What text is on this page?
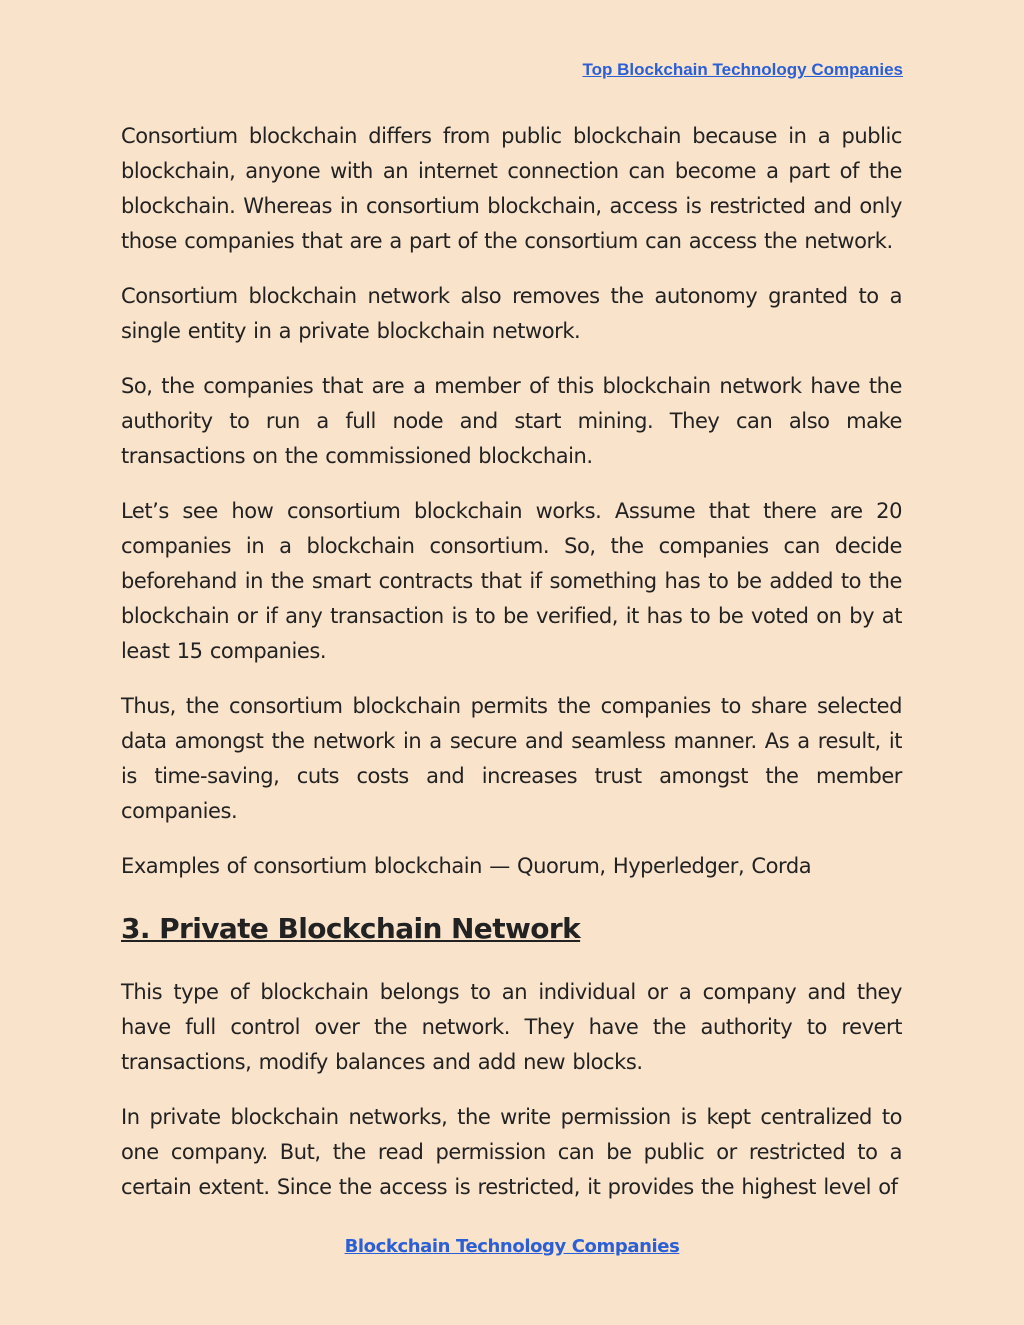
Top Blockchain Technology Companies

Consortium blockchain differs from public blockchain because in a public blockchain, anyone with an internet connection can become a part of the blockchain. Whereas in consortium blockchain, access is restricted and only those companies that are a part of the consortium can access the network.

Consortium blockchain network also removes the autonomy granted to a single entity in a private blockchain network.

So, the companies that are a member of this blockchain network have the authority to run a full node and start mining. They can also make transactions on the commissioned blockchain.

Let’s see how consortium blockchain works. Assume that there are 20 companies in a blockchain consortium. So, the companies can decide beforehand in the smart contracts that if something has to be added to the blockchain or if any transaction is to be verified, it has to be voted on by at least 15 companies.

Thus, the consortium blockchain permits the companies to share selected data amongst the network in a secure and seamless manner. As a result, it is time-saving, cuts costs and increases trust amongst the member companies.

Examples of consortium blockchain — Quorum, Hyperledger, Corda

3. Private Blockchain Network

This type of blockchain belongs to an individual or a company and they have full control over the network. They have the authority to revert transactions, modify balances and add new blocks.

In private blockchain networks, the write permission is kept centralized to one company. But, the read permission can be public or restricted to a certain extent. Since the access is restricted, it provides the highest level of

Blockchain Technology Companies
